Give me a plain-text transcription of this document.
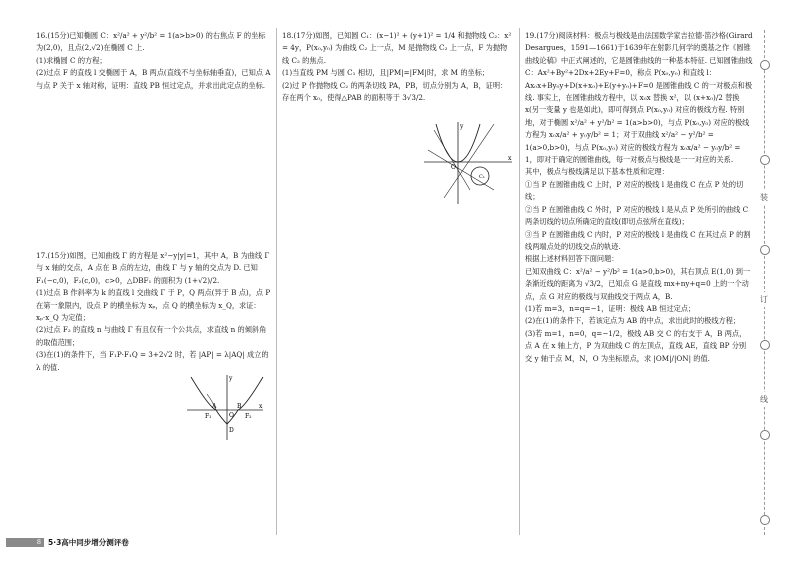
16.(15分)已知椭圆 C：x²/a² + y²/b² = 1(a>b>0) 的右焦点 F 的坐标为(2,0)，且点(2,√2)在椭圆 C 上.
(1)求椭圆 C 的方程；
(2)过点 F 的直线 l 交椭圆于 A，B 两点(直线不与坐标轴垂直)，已知点 A 与点 P 关于 x 轴对称，证明：直线 PB 恒过定点，并求出此定点的坐标.
17.(15分)如图，已知曲线 Γ 的方程是 x²−y|y|=1，其中 A，B 为曲线 Γ 与 x 轴的交点，A 点在 B 点的左边，曲线 Γ 与 y 轴的交点为 D. 已知 F₁(−c,0)，F₂(c,0)，c>0，△DBF₁ 的面积为 (1+√2)/2.
(1)过点 B 作斜率为 k 的直线 l 交曲线 Γ 于 P，Q 两点(异于 B 点)，点 P 在第一象限内，设点 P 的横坐标为 xₚ，点 Q 的横坐标为 x_Q，求证：xₚ·x_Q 为定值；
(2)过点 F₂ 的直线 n 与曲线 Γ 有且仅有一个公共点，求直线 n 的倾斜角的取值范围；
(3)在(1)的条件下，当 F₁P·F₁Q = 3+2√2 时，若 |AP| = λ|AQ| 成立的 λ 的值.
y
x
A	B
O
F₁	F₂
D
18.(17分)如图，已知圆 C₁：(x−1)² + (y+1)² = 1/4 和抛物线 C₂：x² = 4y，P(x₀,y₀) 为曲线 C₂ 上一点，M 是抛物线 C₂ 上一点，F 为抛物线 C₂ 的焦点.
(1)当直线 PM 与圆 C₁ 相切，且|PM|=|FM|时，求 M 的坐标；
(2)过 P 作抛物线 C₂ 的两条切线 PA，PB，切点分别为 A，B，证明：存在两个 x₀，使得△PAB 的面积等于 3√3/2.
y
x
O
C₁
19.(17分)阅读材料：极点与极线是由法国数学家吉拉德·笛沙格(Girard Desargues，1591—1661)于1639年在射影几何学的奠基之作《圆锥曲线论稿》中正式阐述的，它是圆锥曲线的一种基本特征. 已知圆锥曲线 C：Ax²+By²+2Dx+2Ey+F=0，称点 P(x₀,y₀) 和直线 l：Ax₀x+By₀y+D(x+x₀)+E(y+y₀)+F=0 是圆锥曲线 C 的一对极点和极线. 事实上，在圆锥曲线方程中，以 x₀x 替换 x²，以 (x+x₀)/2 替换 x(另一变量 y 也是如此)，即可得到点 P(x₀,y₀) 对应的极线方程. 特别地，对于椭圆 x²/a² + y²/b² = 1(a>b>0)，与点 P(x₀,y₀) 对应的极线方程为 x₀x/a² + y₀y/b² = 1；对于双曲线 x²/a² − y²/b² = 1(a>0,b>0)，与点 P(x₀,y₀) 对应的极线方程为 x₀x/a² − y₀y/b² = 1，即对于确定的圆锥曲线，每一对极点与极线是一一对应的关系.
其中，极点与极线满足以下基本性质和定理：
①当 P 在圆锥曲线 C 上时，P 对应的极线 l 是曲线 C 在点 P 处的切线；
②当 P 在圆锥曲线 C 外时，P 对应的极线 l 是从点 P 处所引的曲线 C 两条切线的切点所确定的直线(即切点弦所在直线)；
③当 P 在圆锥曲线 C 内时，P 对应的极线 l 是曲线 C 在其过点 P 的割线两端点处的切线交点的轨迹.
根据上述材料回答下面问题：
已知双曲线 C：x²/a² − y²/b² = 1(a>0,b>0)，其右顶点 E(1,0) 到一条渐近线的距离为 √3/2，已知点 G 是直线 mx+ny+q=0 上的一个动点，点 G 对应的极线与双曲线交于两点 A，B.
(1)若 m=3，n=q=−1，证明：极线 AB 恒过定点；
(2)在(1)的条件下，若该定点为 AB 的中点，求出此时的极线方程；
(3)若 m=1，n=0，q=−1/2，极线 AB 交 C 的右支于 A，B 两点，点 A 在 x 轴上方，P 为双曲线 C 的左顶点，直线 AE，直线 BP 分别交 y 轴于点 M，N，O 为坐标原点，求 |OM|/|ON| 的值.
装
订
线
8 5·3高中同步增分测评卷
